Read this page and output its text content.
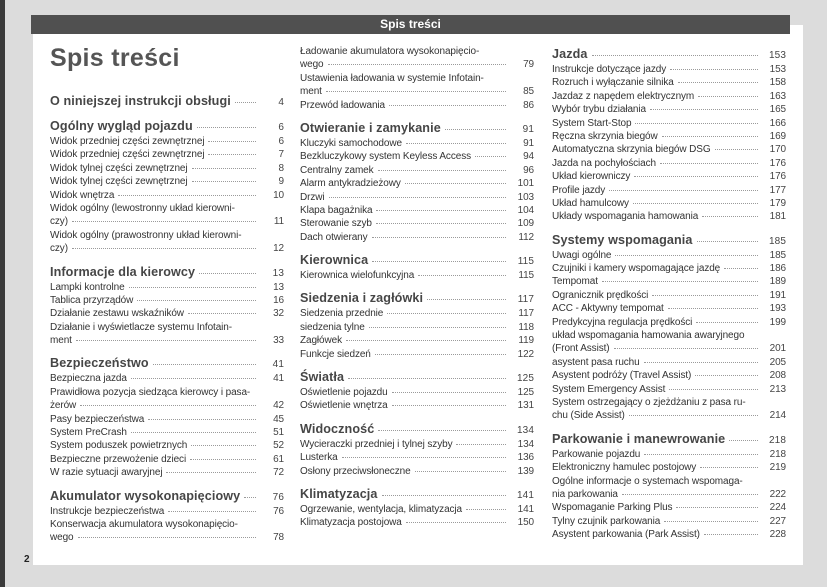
Spis treści
Spis treści
O niniejszej instrukcji obsługi	4
Ogólny wygląd pojazdu	6
Widok przedniej części zewnętrznej	6
Widok przedniej części zewnętrznej	7
Widok tylnej części zewnętrznej	8
Widok tylnej części zewnętrznej	9
Widok wnętrza	10
Widok ogólny (lewostronny układ kierowni-
czy)	11
Widok ogólny (prawostronny układ kierowni-
czy)	12
Informacje dla kierowcy	13
Lampki kontrolne	13
Tablica przyrządów	16
Działanie zestawu wskaźników	32
Działanie i wyświetlacze systemu Infotain-
ment	33
Bezpieczeństwo	41
Bezpieczna jazda	41
Prawidłowa pozycja siedząca kierowcy i pasa-
żerów	42
Pasy bezpieczeństwa	45
System PreCrash	51
System poduszek powietrznych	52
Bezpieczne przewożenie dzieci	61
W razie sytuacji awaryjnej	72
Akumulator wysokonapięciowy	76
Instrukcje bezpieczeństwa	76
Konserwacja akumulatora wysokonapięcio-
wego	78
Ładowanie akumulatora wysokonapięcio-
wego	79
Ustawienia ładowania w systemie Infotain-
ment	85
Przewód ładowania	86
Otwieranie i zamykanie	91
Kluczyki samochodowe	91
Bezkluczykowy system Keyless Access	94
Centralny zamek	96
Alarm antykradzieżowy	101
Drzwi	103
Klapa bagażnika	104
Sterowanie szyb	109
Dach otwierany	112
Kierownica	115
Kierownica wielofunkcyjna	115
Siedzenia i zagłówki	117
Siedzenia przednie	117
siedzenia tylne	118
Zagłówek	119
Funkcje siedzeń	122
Światła	125
Oświetlenie pojazdu	125
Oświetlenie wnętrza	131
Widoczność	134
Wycieraczki przedniej i tylnej szyby	134
Lusterka	136
Osłony przeciwsłoneczne	139
Klimatyzacja	141
Ogrzewanie, wentylacja, klimatyzacja	141
Klimatyzacja postojowa	150
Jazda	153
Instrukcje dotyczące jazdy	153
Rozruch i wyłączanie silnika	158
Jazdaz z napędem elektrycznym	163
Wybór trybu działania	165
System Start-Stop	166
Ręczna skrzynia biegów	169
Automatyczna skrzynia biegów DSG	170
Jazda na pochyłościach	176
Układ kierowniczy	176
Profile jazdy	177
Układ hamulcowy	179
Układy wspomagania hamowania	181
Systemy wspomagania	185
Uwagi ogólne	185
Czujniki i kamery wspomagające jazdę	186
Tempomat	189
Ogranicznik prędkości	191
ACC - Aktywny tempomat	193
Predykcyjna regulacja prędkości	199
układ wspomagania hamowania awaryjnego
(Front Assist)	201
asystent pasa ruchu	205
Asystent podróży (Travel Assist)	208
System Emergency Assist	213
System ostrzegający o zjeżdżaniu z pasa ru-
chu (Side Assist)	214
Parkowanie i manewrowanie	218
Parkowanie pojazdu	218
Elektroniczny hamulec postojowy	219
Ogólne informacje o systemach wspomaga-
nia parkowania	222
Wspomaganie Parking Plus	224
Tylny czujnik parkowania	227
Asystent parkowania (Park Assist)	228
2
